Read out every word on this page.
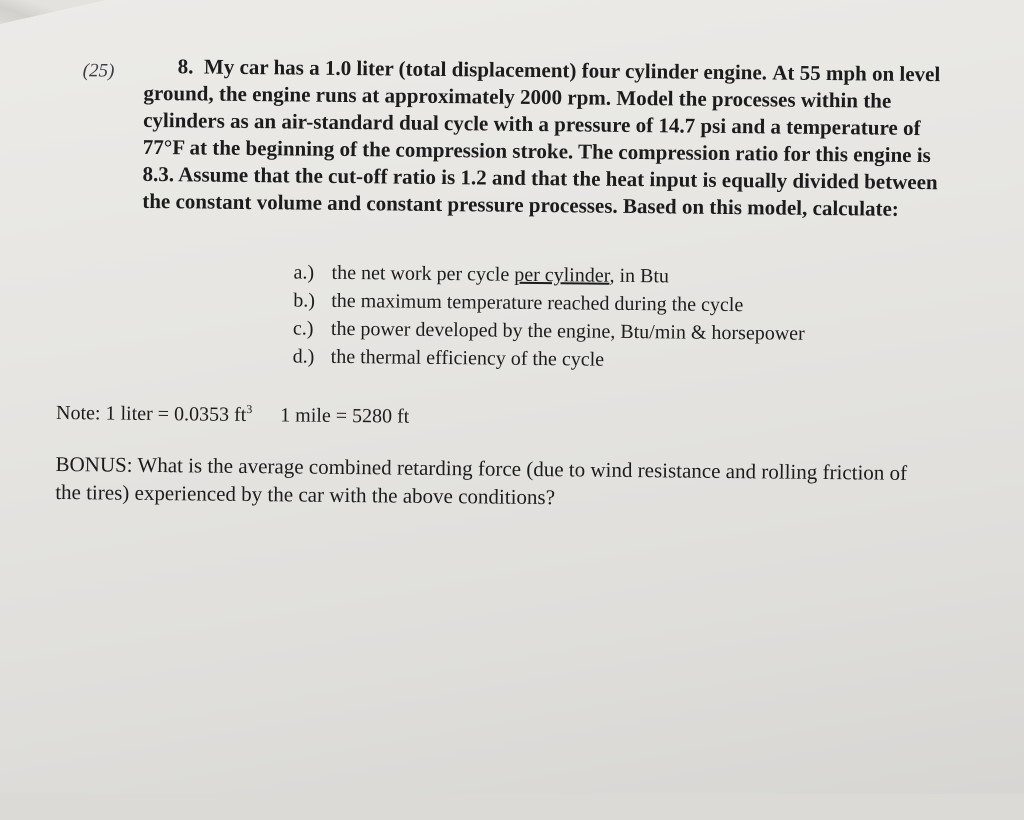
(25)	8. My car has a 1.0 liter (total displacement) four cylinder engine. At 55 mph on level ground, the engine runs at approximately 2000 rpm. Model the processes within the cylinders as an air-standard dual cycle with a pressure of 14.7 psi and a temperature of 77°F at the beginning of the compression stroke. The compression ratio for this engine is 8.3. Assume that the cut-off ratio is 1.2 and that the heat input is equally divided between the constant volume and constant pressure processes. Based on this model, calculate:
a.) the net work per cycle per cylinder, in Btu
b.) the maximum temperature reached during the cycle
c.) the power developed by the engine, Btu/min & horsepower
d.) the thermal efficiency of the cycle
Note: 1 liter = 0.0353 $ft^3$ 1 mile = 5280 ft
BONUS: What is the average combined retarding force (due to wind resistance and rolling friction of the tires) experienced by the car with the above conditions?
